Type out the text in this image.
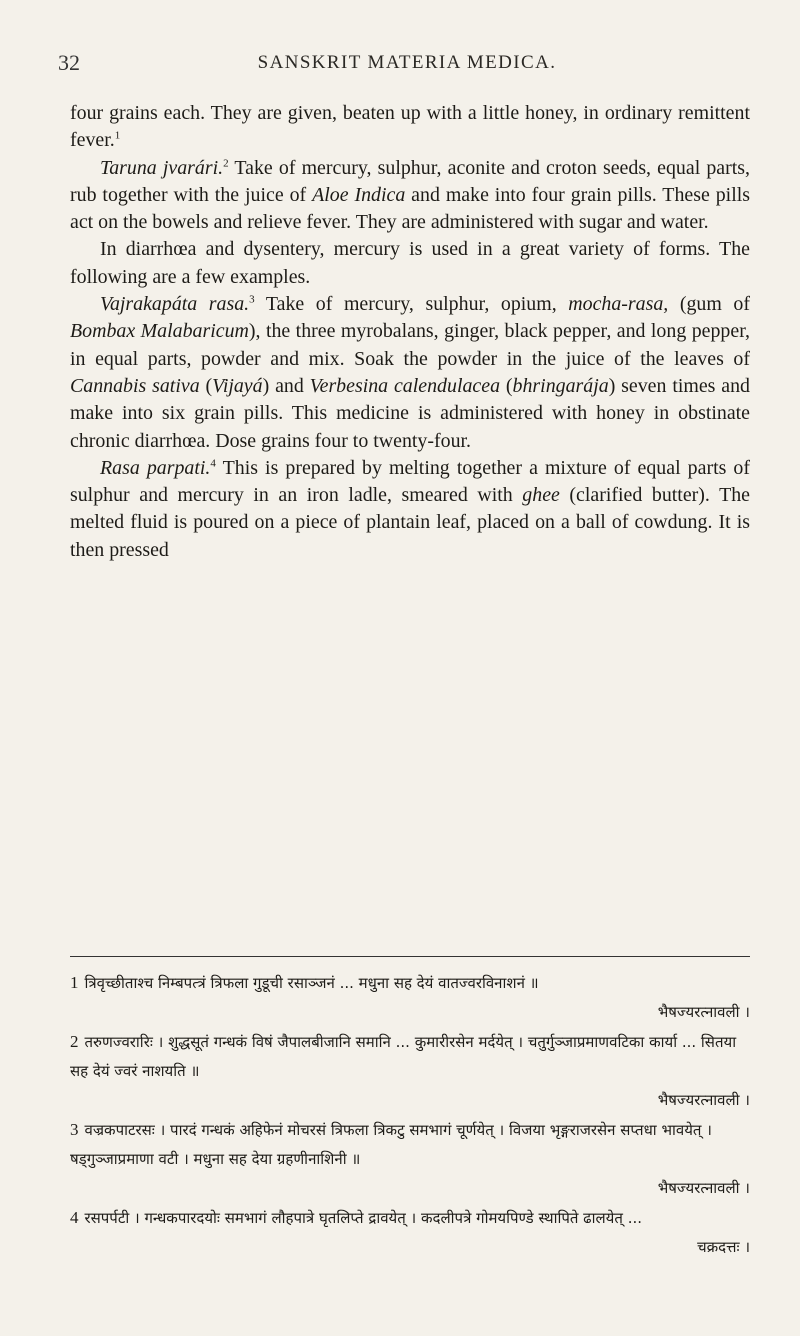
32	SANSKRIT MATERIA MEDICA.

four grains each. They are given, beaten up with a little honey, in ordinary remittent fever.$^1$

Taruna jvarári.$^2$ Take of mercury, sulphur, aconite and croton seeds, equal parts, rub together with the juice of Aloe Indica and make into four grain pills. These pills act on the bowels and relieve fever. They are administered with sugar and water.

In diarrhœa and dysentery, mercury is used in a great variety of forms. The following are a few examples.

Vajrakapáta rasa.$^3$ Take of mercury, sulphur, opium, mocha-rasa, (gum of Bombax Malabaricum), the three myrobalans, ginger, black pepper, and long pepper, in equal parts, powder and mix. Soak the powder in the juice of the leaves of Cannabis sativa (Vijayá) and Verbesina calendulacea (bhringarája) seven times and make into six grain pills. This medicine is administered with honey in obstinate chronic diarrhœa. Dose grains four to twenty-four.

Rasa parpati.$^4$ This is prepared by melting together a mixture of equal parts of sulphur and mercury in an iron ladle, smeared with ghee (clarified butter). The melted fluid is poured on a piece of plantain leaf, placed on a ball of cowdung. It is then pressed

1 त्रिवृच्छीताश्च निम्बपत्त्रं त्रिफला गुडूची रसाञ्जनं ... मधुना सह देयं वातज्वरविनाशनं ॥
भैषज्यरत्नावली ।

2 तरुणज्वरारिः । शुद्धसूतं गन्धकं विषं जैपालबीजानि समानि ... कुमारीरसेन मर्दयेत् । चतुर्गुञ्जाप्रमाणवटिका कार्या ... सितया सह देयं ज्वरं नाशयति ॥
भैषज्यरत्नावली ।

3 वज्रकपाटरसः । पारदं गन्धकं अहिफेनं मोचरसं त्रिफला त्रिकटु समभागं चूर्णयेत् । विजया भृङ्गराजरसेन सप्तधा भावयेत् । षड्गुञ्जाप्रमाणा वटी । मधुना सह देया ग्रहणीनाशिनी ॥
भैषज्यरत्नावली ।

4 रसपर्पटी । गन्धकपारदयोः समभागं लौहपात्रे घृतलिप्ते द्रावयेत् । कदलीपत्रे गोमयपिण्डे स्थापिते ढालयेत् ...
चक्रदत्तः ।
